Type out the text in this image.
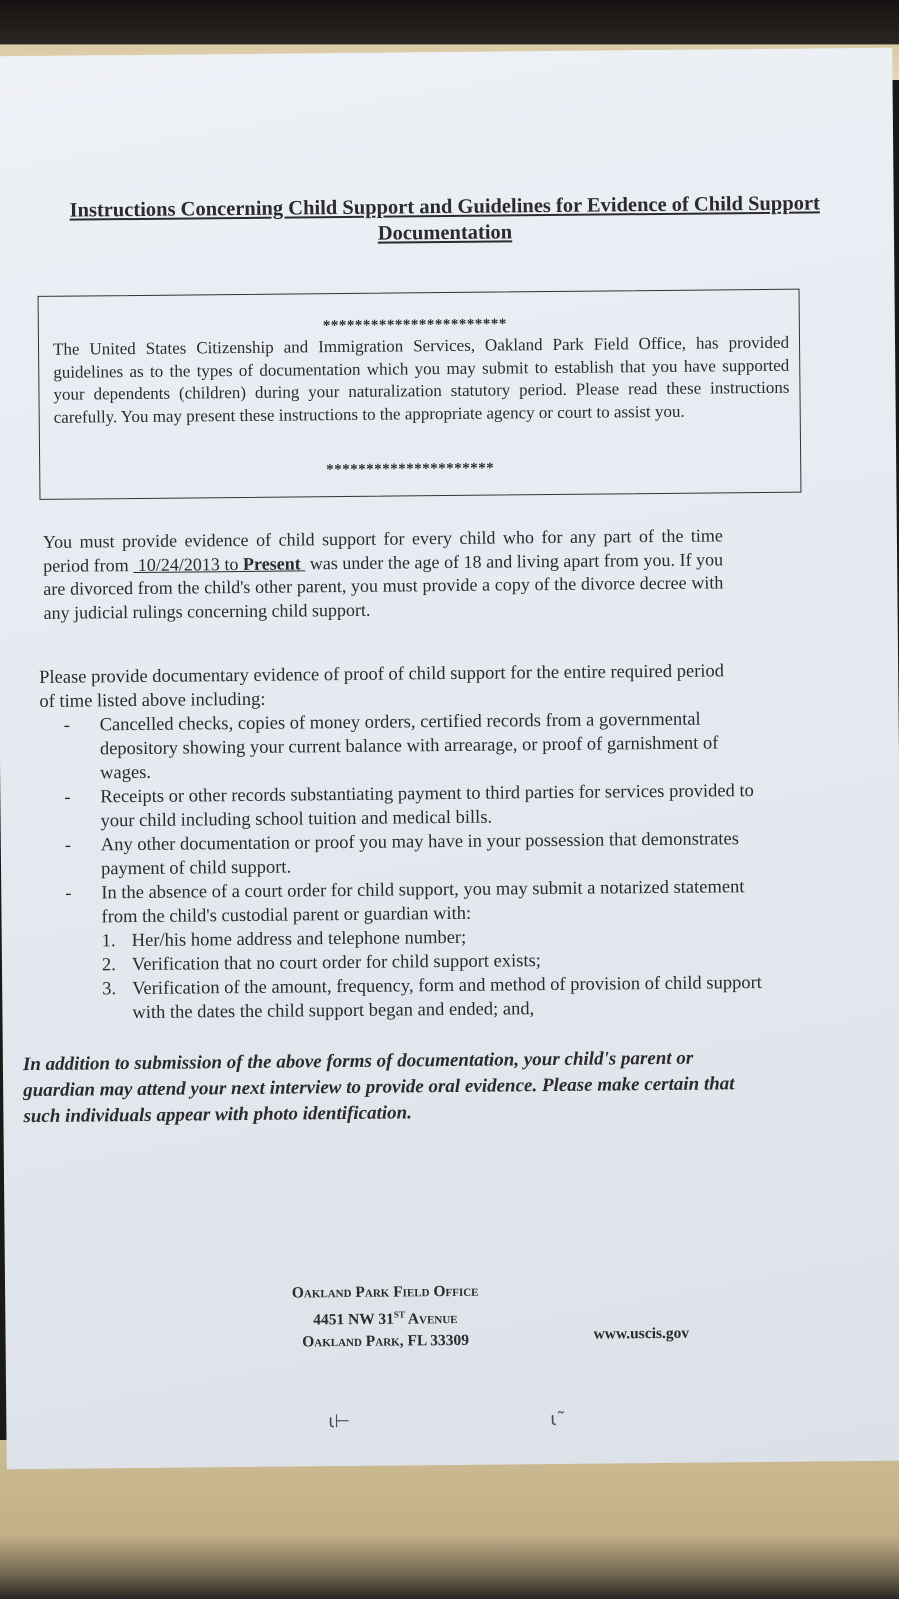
Instructions Concerning Child Support and Guidelines for Evidence of Child Support Documentation
***********************
The United States Citizenship and Immigration Services, Oakland Park Field Office, has provided guidelines as to the types of documentation which you may submit to establish that you have supported your dependents (children) during your naturalization statutory period. Please read these instructions carefully. You may present these instructions to the appropriate agency or court to assist you.
*********************
You must provide evidence of child support for every child who for any part of the time period from  10/24/2013 to Present  was under the age of 18 and living apart from you. If you are divorced from the child's other parent, you must provide a copy of the divorce decree with any judicial rulings concerning child support.
Please provide documentary evidence of proof of child support for the entire required period of time listed above including:
- Cancelled checks, copies of money orders, certified records from a governmental depository showing your current balance with arrearage, or proof of garnishment of wages.
- Receipts or other records substantiating payment to third parties for services provided to your child including school tuition and medical bills.
- Any other documentation or proof you may have in your possession that demonstrates payment of child support.
- In the absence of a court order for child support, you may submit a notarized statement from the child's custodial parent or guardian with:
1. Her/his home address and telephone number;
2. Verification that no court order for child support exists;
3. Verification of the amount, frequency, form and method of provision of child support with the dates the child support began and ended; and,
In addition to submission of the above forms of documentation, your child's parent or guardian may attend your next interview to provide oral evidence. Please make certain that such individuals appear with photo identification.
Oakland Park Field Office
4451 NW 31ST Avenue
Oakland Park, FL 33309	www.uscis.gov
ɩ⊢	ɩ˜
